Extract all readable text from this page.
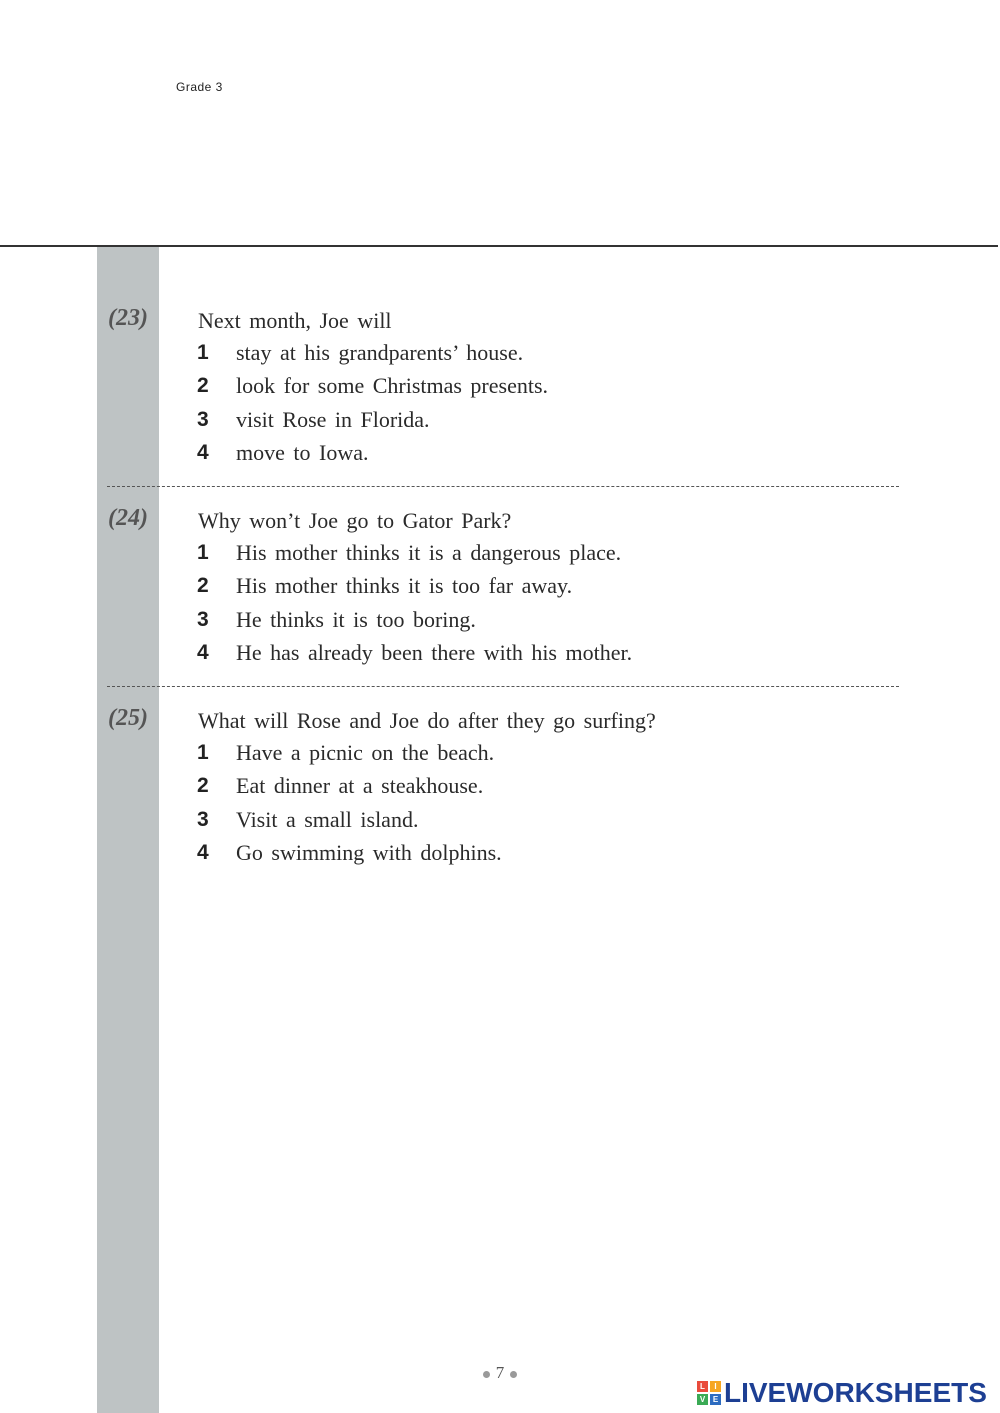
Grade 3
(23) Next month, Joe will
1 stay at his grandparents’ house.
2 look for some Christmas presents.
3 visit Rose in Florida.
4 move to Iowa.
(24) Why won’t Joe go to Gator Park?
1 His mother thinks it is a dangerous place.
2 His mother thinks it is too far away.
3 He thinks it is too boring.
4 He has already been there with his mother.
(25) What will Rose and Joe do after they go surfing?
1 Have a picnic on the beach.
2 Eat dinner at a steakhouse.
3 Visit a small island.
4 Go swimming with dolphins.
7
L	I
V E LIVEWORKSHEETS
